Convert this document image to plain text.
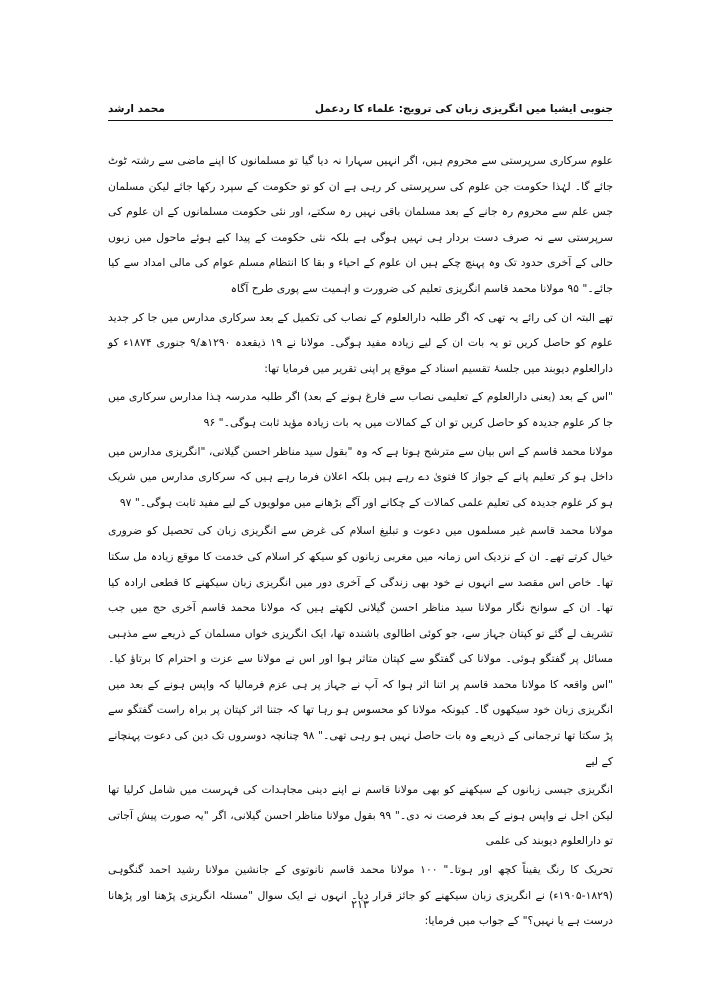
جنوبی ایشیا میں انگریزی زبان کی ترویج: علماء کا ردعمل
محمد ارشد

علوم سرکاری سرپرستی سے محروم ہیں، اگر انہیں سہارا نہ دیا گیا تو مسلمانوں کا اپنے ماضی سے رشتہ ٹوٹ جائے گا۔ لہٰذا حکومت جن علوم کی سرپرستی کر رہی ہے ان کو تو حکومت کے سپرد رکھا جائے لیکن مسلمان جس علم سے محروم رہ جانے کے بعد مسلمان باقی نہیں رہ سکتے، اور نئی حکومت مسلمانوں کے ان علوم کی سرپرستی سے نہ صرف دست بردار ہی نہیں ہوگی ہے بلکہ نئی حکومت کے پیدا کیے ہوئے ماحول میں زبوں حالی کے آخری حدود تک وہ پہنچ چکے ہیں ان علوم کے احیاء و بقا کا انتظام مسلم عوام کی مالی امداد سے کیا جائے۔" ۹۵ مولانا محمد قاسم انگریزی تعلیم کی ضرورت و اہمیت سے پوری طرح آگاہ

تھے البتہ ان کی رائے یہ تھی کہ اگر طلبہ دارالعلوم کے نصاب کی تکمیل کے بعد سرکاری مدارس میں جا کر جدید علوم کو حاصل کریں تو یہ بات ان کے لیے زیادہ مفید ہوگی۔ مولانا نے ۱۹ ذیقعدہ ۱۲۹۰ھ/۹ جنوری ۱۸۷۴ء کو دارالعلوم دیوبند میں جلسۂ تقسیم اسناد کے موقع پر اپنی تقریر میں فرمایا تھا:

"اس کے بعد (یعنی دارالعلوم کے تعلیمی نصاب سے فارغ ہونے کے بعد) اگر طلبہ مدرسہ ہٰذا مدارس سرکاری میں جا کر علوم جدیدہ کو حاصل کریں تو ان کے کمالات میں یہ بات زیادہ مؤید ثابت ہوگی۔" ۹۶

مولانا محمد قاسم کے اس بیان سے مترشح ہوتا ہے کہ وہ "بقول سید مناظر احسن گیلانی، "انگریزی مدارس میں داخل ہو کر تعلیم پانے کے جواز کا فتویٰ دے رہے ہیں بلکہ اعلان فرما رہے ہیں کہ سرکاری مدارس میں شریک ہو کر علوم جدیدہ کی تعلیم علمی کمالات کے چکانے اور آگے بڑھانے میں مولویوں کے لیے مفید ثابت ہوگی۔" ۹۷

مولانا محمد قاسم غیر مسلموں میں دعوت و تبلیغ اسلام کی غرض سے انگریزی زبان کی تحصیل کو ضروری خیال کرتے تھے۔ ان کے نزدیک اس زمانہ میں مغربی زبانوں کو سیکھ کر اسلام کی خدمت کا موقع زیادہ مل سکتا تھا۔ خاص اس مقصد سے انہوں نے خود بھی زندگی کے آخری دور میں انگریزی زبان سیکھنے کا قطعی ارادہ کیا تھا۔ ان کے سوانح نگار مولانا سید مناظر احسن گیلانی لکھتے ہیں کہ مولانا محمد قاسم آخری حج میں جب تشریف لے گئے تو کپتان جہاز سے، جو کوئی اطالوی باشندہ تھا، ایک انگریزی خواں مسلمان کے ذریعے سے مذہبی مسائل پر گفتگو ہوئی۔ مولانا کی گفتگو سے کپتان متاثر ہوا اور اس نے مولانا سے عزت و احترام کا برتاؤ کیا۔ "اس واقعہ کا مولانا محمد قاسم پر اتنا اثر ہوا کہ آپ نے جہاز پر ہی عزم فرمالیا کہ واپس ہونے کے بعد میں انگریزی زبان خود سیکھوں گا۔ کیونکہ مولانا کو محسوس ہو رہا تھا کہ جتنا اثر کپتان پر براہ راست گفتگو سے پڑ سکتا تھا ترجمانی کے ذریعے وہ بات حاصل نہیں ہو رہی تھی۔" ۹۸ چنانچہ دوسروں تک دین کی دعوت پہنچانے کے لیے

انگریزی جیسی زبانوں کے سیکھنے کو بھی مولانا قاسم نے اپنے دینی مجاہدات کی فہرست میں شامل کرلیا تھا لیکن اجل نے واپس ہونے کے بعد فرصت نہ دی۔" ۹۹ بقول مولانا مناظر احسن گیلانی، اگر "یہ صورت پیش آجاتی تو دارالعلوم دیوبند کی علمی

تحریک کا رنگ یقیناً کچھ اور ہوتا۔" ۱۰۰ مولانا محمد قاسم نانوتوی کے جانشین مولانا رشید احمد گنگوہی (۱۸۲۹-۱۹۰۵ء) نے انگریزی زبان سیکھنے کو جائز قرار دیا۔ انہوں نے ایک سوال "مسئلہ انگریزی پڑھنا اور پڑھانا درست ہے یا نہیں؟" کے جواب میں فرمایا:

۲۱۳
